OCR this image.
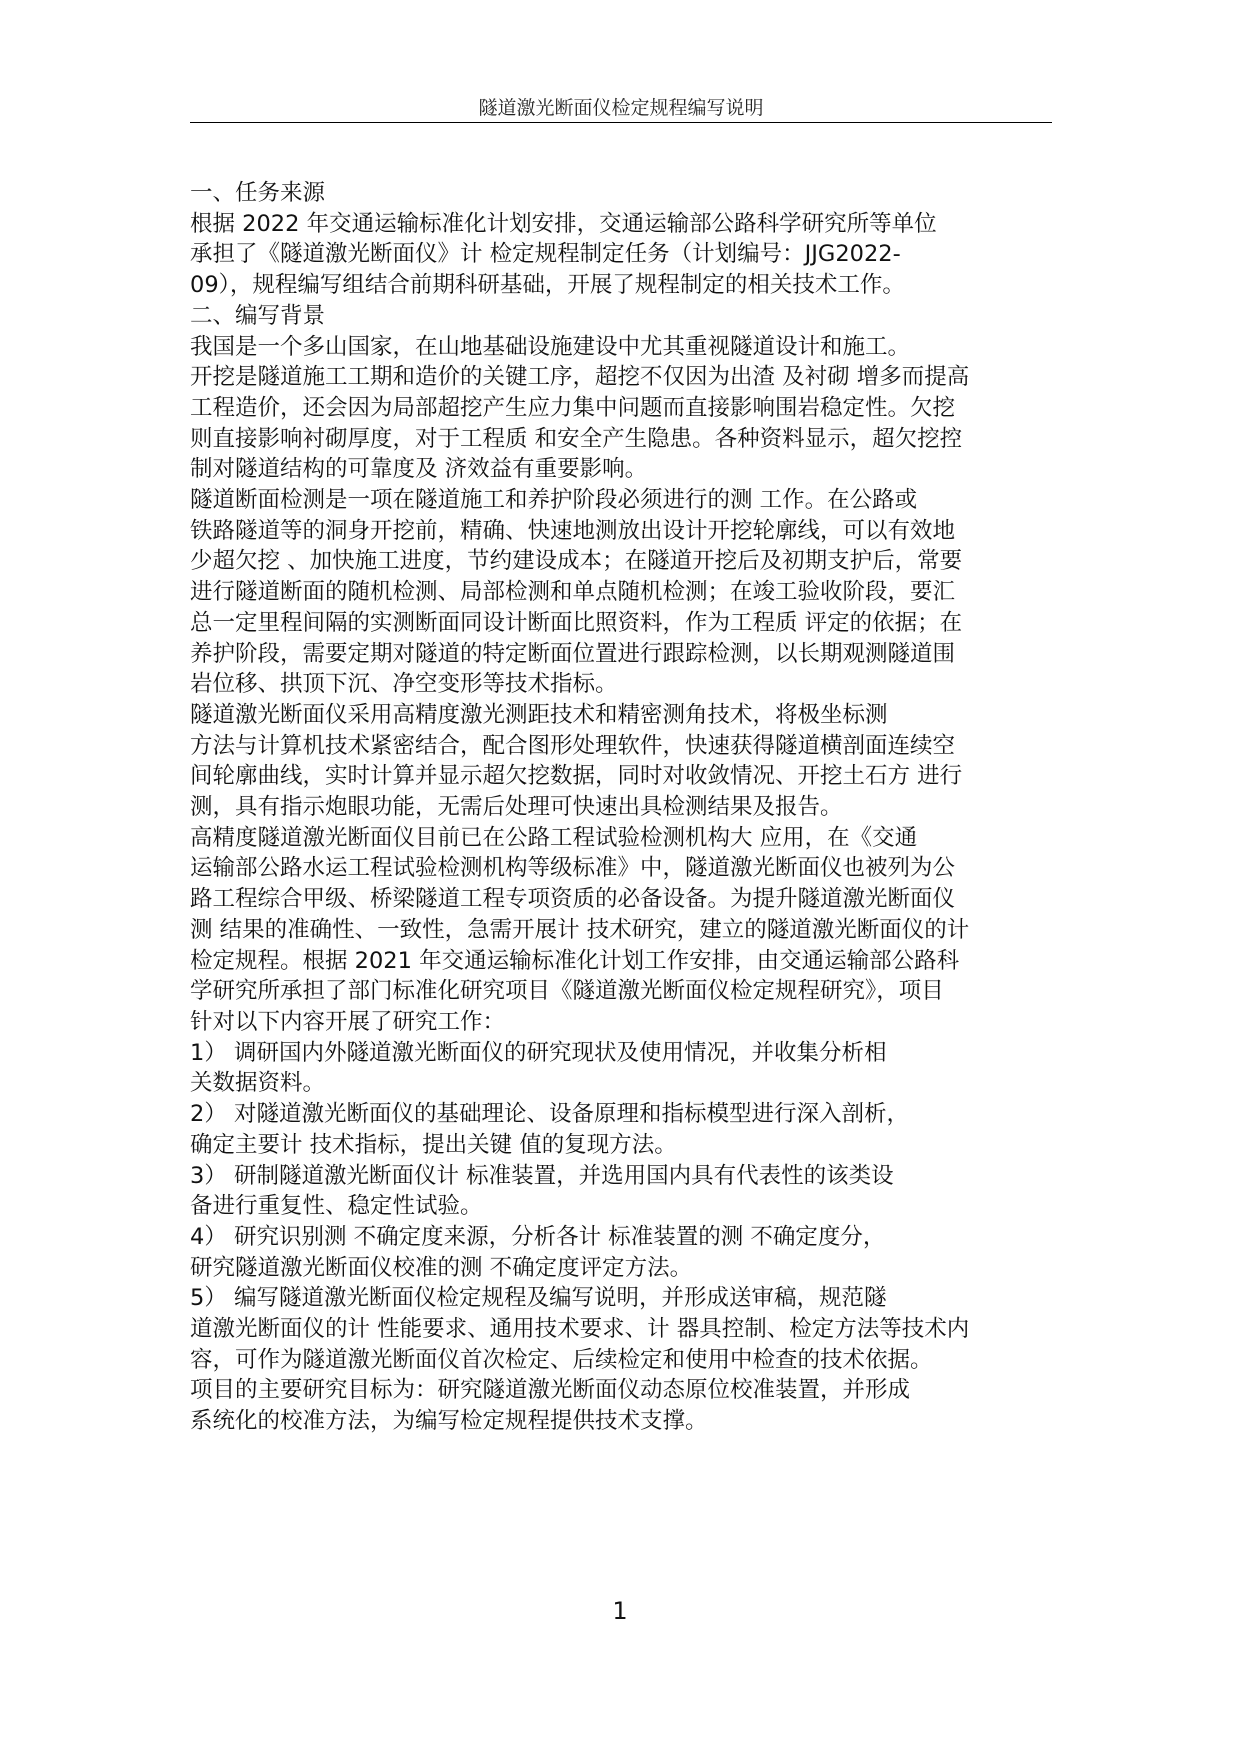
隧道激光断面仪检定规程编写说明

一、任务来源

根据 2022 年交通运输标准化计划安排，交通运输部公路科学研究所等单位

承担了《隧道激光断面仪》计 检定规程制定任务（计划编号：JJG2022-

09），规程编写组结合前期科研基础，开展了规程制定的相关技术工作。

二、编写背景

我国是一个多山国家，在山地基础设施建设中尤其重视隧道设计和施工。

开挖是隧道施工工期和造价的关键工序，超挖不仅因为出渣 及衬砌 增多而提高

工程造价，还会因为局部超挖产生应力集中问题而直接影响围岩稳定性。欠挖

则直接影响衬砌厚度，对于工程质 和安全产生隐患。各种资料显示，超欠挖控

制对隧道结构的可靠度及 济效益有重要影响。

隧道断面检测是一项在隧道施工和养护阶段必须进行的测 工作。在公路或

铁路隧道等的洞身开挖前，精确、快速地测放出设计开挖轮廓线，可以有效地

少超欠挖 、加快施工进度，节约建设成本；在隧道开挖后及初期支护后，常要

进行隧道断面的随机检测、局部检测和单点随机检测；在竣工验收阶段，要汇

总一定里程间隔的实测断面同设计断面比照资料，作为工程质 评定的依据；在

养护阶段，需要定期对隧道的特定断面位置进行跟踪检测，以长期观测隧道围

岩位移、拱顶下沉、净空变形等技术指标。

隧道激光断面仪采用高精度激光测距技术和精密测角技术，将极坐标测

方法与计算机技术紧密结合，配合图形处理软件，快速获得隧道横剖面连续空

间轮廓曲线，实时计算并显示超欠挖数据，同时对收敛情况、开挖土石方 进行

测，具有指示炮眼功能，无需后处理可快速出具检测结果及报告。

高精度隧道激光断面仪目前已在公路工程试验检测机构大 应用，在《交通

运输部公路水运工程试验检测机构等级标准》中，隧道激光断面仪也被列为公

路工程综合甲级、桥梁隧道工程专项资质的必备设备。为提升隧道激光断面仪

测 结果的准确性、一致性，急需开展计 技术研究，建立的隧道激光断面仪的计

检定规程。根据 2021 年交通运输标准化计划工作安排，由交通运输部公路科

学研究所承担了部门标准化研究项目《隧道激光断面仪检定规程研究》，项目

针对以下内容开展了研究工作：

1） 调研国内外隧道激光断面仪的研究现状及使用情况，并收集分析相

关数据资料。

2） 对隧道激光断面仪的基础理论、设备原理和指标模型进行深入剖析，

确定主要计 技术指标，提出关键 值的复现方法。

3） 研制隧道激光断面仪计 标准装置，并选用国内具有代表性的该类设

备进行重复性、稳定性试验。

4） 研究识别测 不确定度来源，分析各计 标准装置的测 不确定度分，

研究隧道激光断面仪校准的测 不确定度评定方法。

5） 编写隧道激光断面仪检定规程及编写说明，并形成送审稿，规范隧

道激光断面仪的计 性能要求、通用技术要求、计 器具控制、检定方法等技术内

容，可作为隧道激光断面仪首次检定、后续检定和使用中检查的技术依据。

项目的主要研究目标为：研究隧道激光断面仪动态原位校准装置，并形成

系统化的校准方法，为编写检定规程提供技术支撑。

1
